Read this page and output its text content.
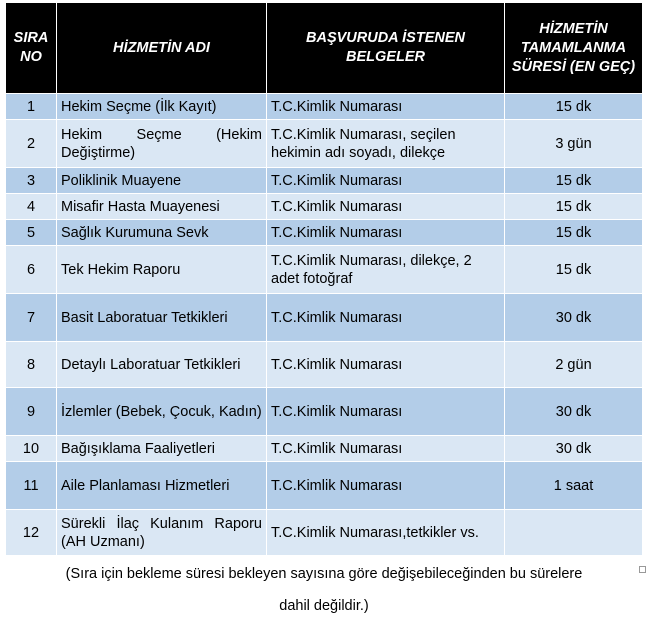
SIRA NO	HİZMETİN ADI	BAŞVURUDA İSTENEN BELGELER	HİZMETİN TAMAMLANMA SÜRESİ (EN GEÇ)
1	Hekim Seçme (İlk Kayıt)	T.C.Kimlik Numarası	15 dk
2	Hekim Seçme (Hekim Değiştirme)	T.C.Kimlik Numarası, seçilen hekimin adı soyadı, dilekçe	3 gün
3	Poliklinik Muayene	T.C.Kimlik Numarası	15 dk
4	Misafir Hasta Muayenesi	T.C.Kimlik Numarası	15 dk
5	Sağlık Kurumuna Sevk	T.C.Kimlik Numarası	15 dk
6	Tek Hekim Raporu	T.C.Kimlik Numarası, dilekçe, 2 adet fotoğraf	15 dk
7	Basit Laboratuar Tetkikleri	T.C.Kimlik Numarası	30 dk
8	Detaylı Laboratuar Tetkikleri	T.C.Kimlik Numarası	2 gün
9	İzlemler (Bebek, Çocuk, Kadın)	T.C.Kimlik Numarası	30 dk
10	Bağışıklama Faaliyetleri	T.C.Kimlik Numarası	30 dk
11	Aile Planlaması Hizmetleri	T.C.Kimlik Numarası	1 saat
12	Sürekli İlaç Kulanım Raporu (AH Uzmanı)	T.C.Kimlik Numarası,tetkikler vs.	
(Sıra için bekleme süresi bekleyen sayısına göre değişebileceğinden bu sürelere
dahil değildir.)
